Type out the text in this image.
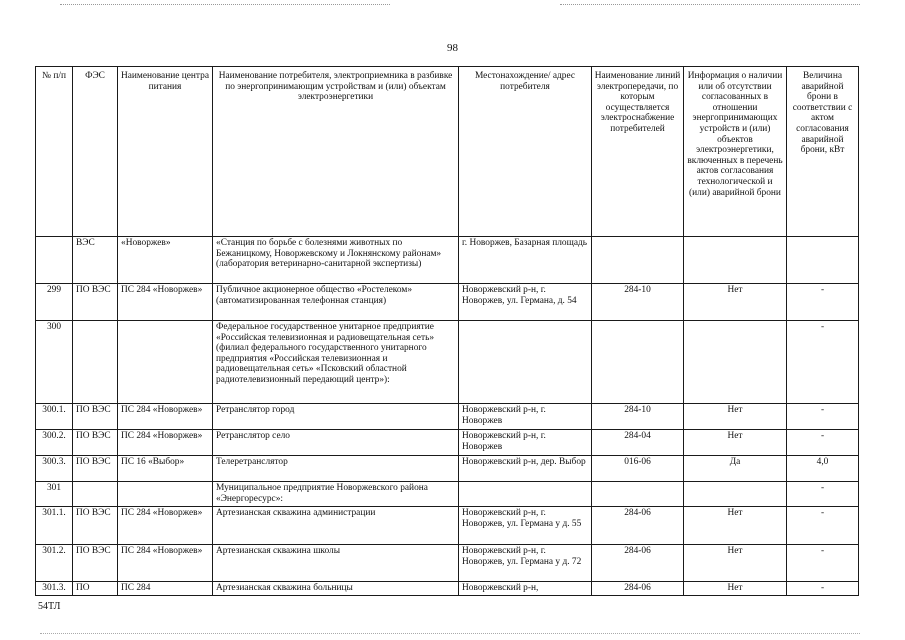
98
№ п/п	ФЭС	Наименование центра питания	Наименование потребителя, электроприемника в разбивке по энергопринимающим устройствам и (или) объектам электроэнергетики	Местонахождение/ адрес потребителя	Наименование линий электропередачи, по которым осуществляется электроснабжение потребителей	Информация о наличии или об отсутствии согласованных в отношении энергопринимающих устройств и (или) объектов электроэнергетики, включенных в перечень актов согласования технологической и (или) аварийной брони	Величина аварийной брони в соответствии с актом согласования аварийной брони, кВт
	ВЭС	«Новоржев»	«Станция по борьбе с болезнями животных по Бежаницкому, Новоржевскому и Локнянскому районам» (лаборатория ветеринарно-санитарной экспертизы)	г. Новоржев, Базарная площадь			
299	ПО ВЭС	ПС 284 «Новоржев»	Публичное акционерное общество «Ростелеком» (автоматизированная телефонная станция)	Новоржевский р-н, г. Новоржев, ул. Германа, д. 54	284-10	Нет	-
300			Федеральное государственное унитарное предприятие «Российская телевизионная и радиовещательная сеть» (филиал федерального государственного унитарного предприятия «Российская телевизионная и радиовещательная сеть» «Псковский областной радиотелевизионный передающий центр»):				-
300.1.	ПО ВЭС	ПС 284 «Новоржев»	Ретранслятор город	Новоржевский р-н, г. Новоржев	284-10	Нет	-
300.2.	ПО ВЭС	ПС 284 «Новоржев»	Ретранслятор село	Новоржевский р-н, г. Новоржев	284-04	Нет	-
300.3.	ПО ВЭС	ПС 16 «Выбор»	Телеретранслятор	Новоржевский р-н, дер. Выбор	016-06	Да	4,0
301			Муниципальное предприятие Новоржевского района «Энергоресурс»:				-
301.1.	ПО ВЭС	ПС 284 «Новоржев»	Артезианская скважина администрации	Новоржевский р-н, г. Новоржев, ул. Германа у д. 55	284-06	Нет	-
301.2.	ПО ВЭС	ПС 284 «Новоржев»	Артезианская скважина школы	Новоржевский р-н, г. Новоржев, ул. Германа у д. 72	284-06	Нет	-
301.3.	ПО	ПС 284	Артезианская скважина больницы	Новоржевский р-н,	284-06	Нет	-
54ТЛ
